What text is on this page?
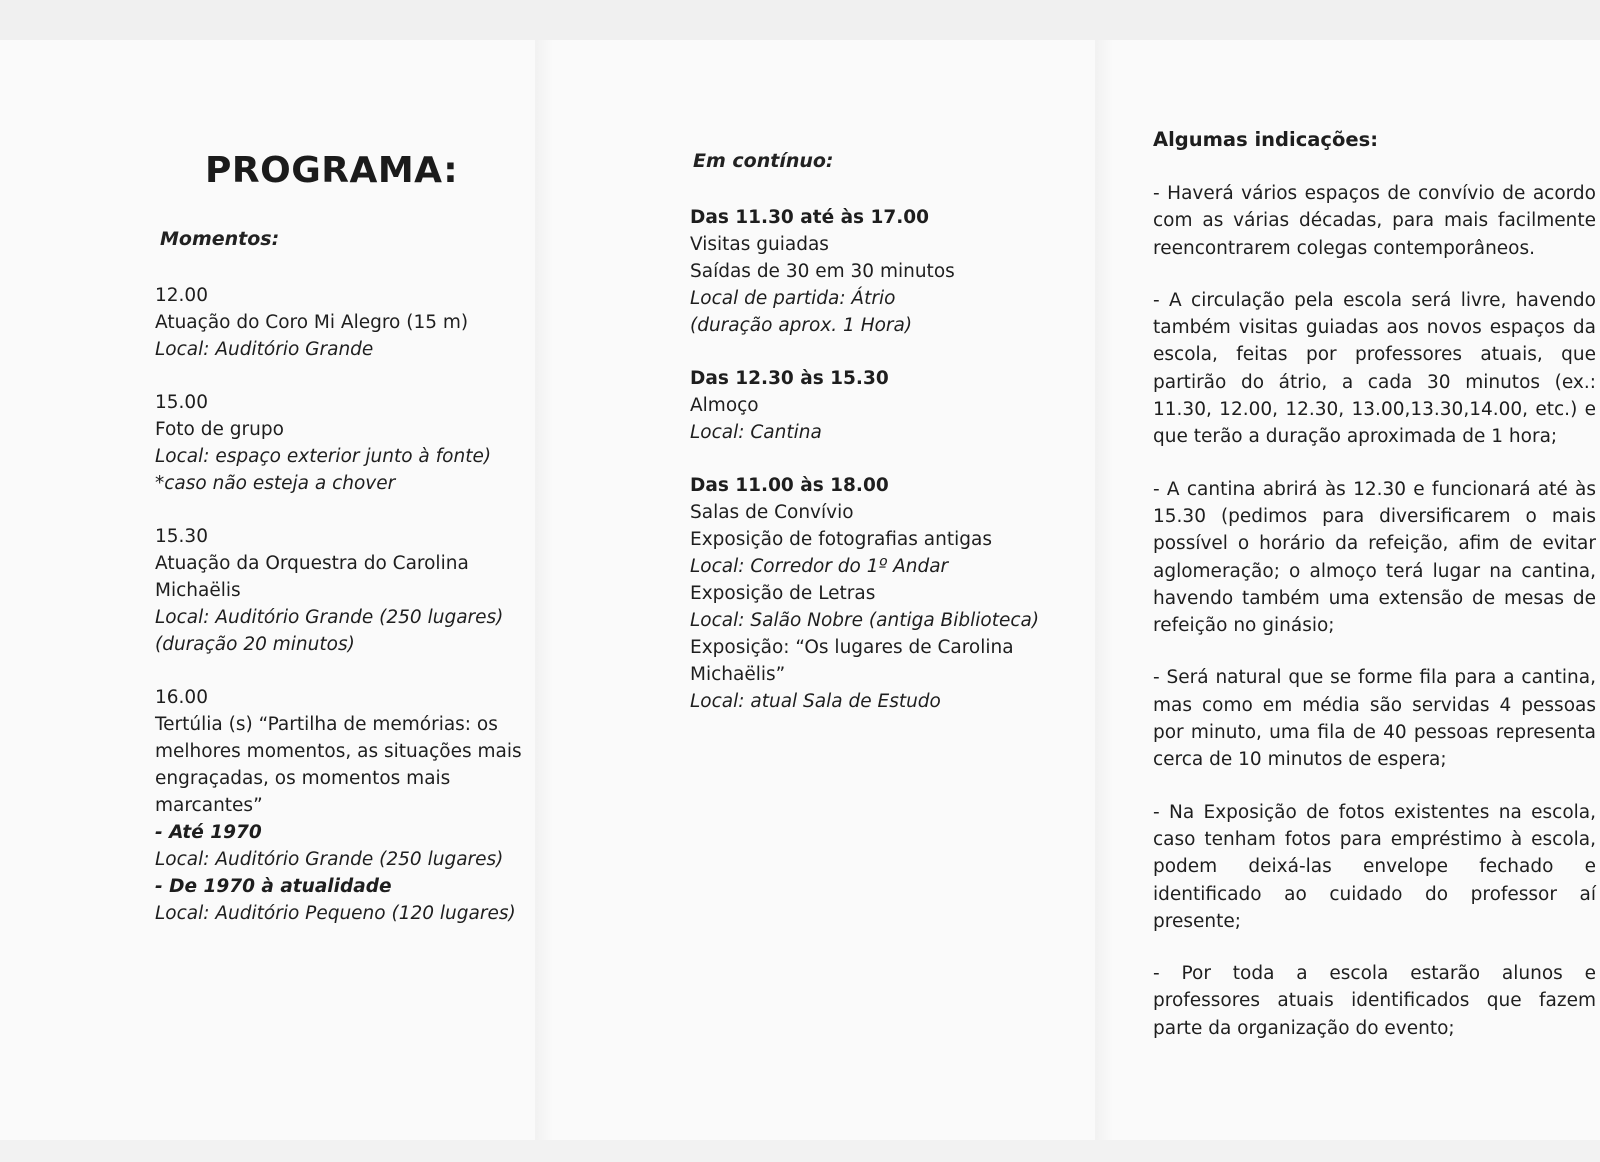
PROGRAMA:
Momentos:
12.00
Atuação do Coro Mi Alegro (15 m)
Local: Auditório Grande
15.00
Foto de grupo
Local: espaço exterior junto à fonte)
*caso não esteja a chover
15.30
Atuação da Orquestra do Carolina
Michaëlis
Local: Auditório Grande (250 lugares)
(duração 20 minutos)
16.00
Tertúlia (s) “Partilha de memórias: os
melhores momentos, as situações mais
engraçadas, os momentos mais
marcantes”
- Até 1970
Local: Auditório Grande (250 lugares)
- De 1970 à atualidade
Local: Auditório Pequeno (120 lugares)
Em contínuo:
Das 11.30 até às 17.00
Visitas guiadas
Saídas de 30 em 30 minutos
Local de partida: Átrio
(duração aprox. 1 Hora)
Das 12.30 às 15.30
Almoço
Local: Cantina
Das 11.00 às 18.00
Salas de Convívio
Exposição de fotografias antigas
Local: Corredor do 1º Andar
Exposição de Letras
Local: Salão Nobre (antiga Biblioteca)
Exposição: “Os lugares de Carolina
Michaëlis”
Local: atual Sala de Estudo
Algumas indicações:

- Haverá vários espaços de convívio de acordo com as várias décadas, para mais facilmente reencontrarem colegas contemporâneos.

- A circulação pela escola será livre, havendo também visitas guiadas aos novos espaços da escola, feitas por professores atuais, que partirão do átrio, a cada 30 minutos (ex.: 11.30, 12.00, 12.30, 13.00,13.30,14.00, etc.) e que terão a duração aproximada de 1 hora;

- A cantina abrirá às 12.30 e funcionará até às 15.30 (pedimos para diversificarem o mais possível o horário da refeição, afim de evitar aglomeração; o almoço terá lugar na cantina, havendo também uma extensão de mesas de refeição no ginásio;

- Será natural que se forme fila para a cantina, mas como em média são servidas 4 pessoas por minuto, uma fila de 40 pessoas representa cerca de 10 minutos de espera;

- Na Exposição de fotos existentes na escola, caso tenham fotos para empréstimo à escola, podem deixá-las envelope fechado e identificado ao cuidado do professor aí presente;

- Por toda a escola estarão alunos e professores atuais identificados que fazem parte da organização do evento;
